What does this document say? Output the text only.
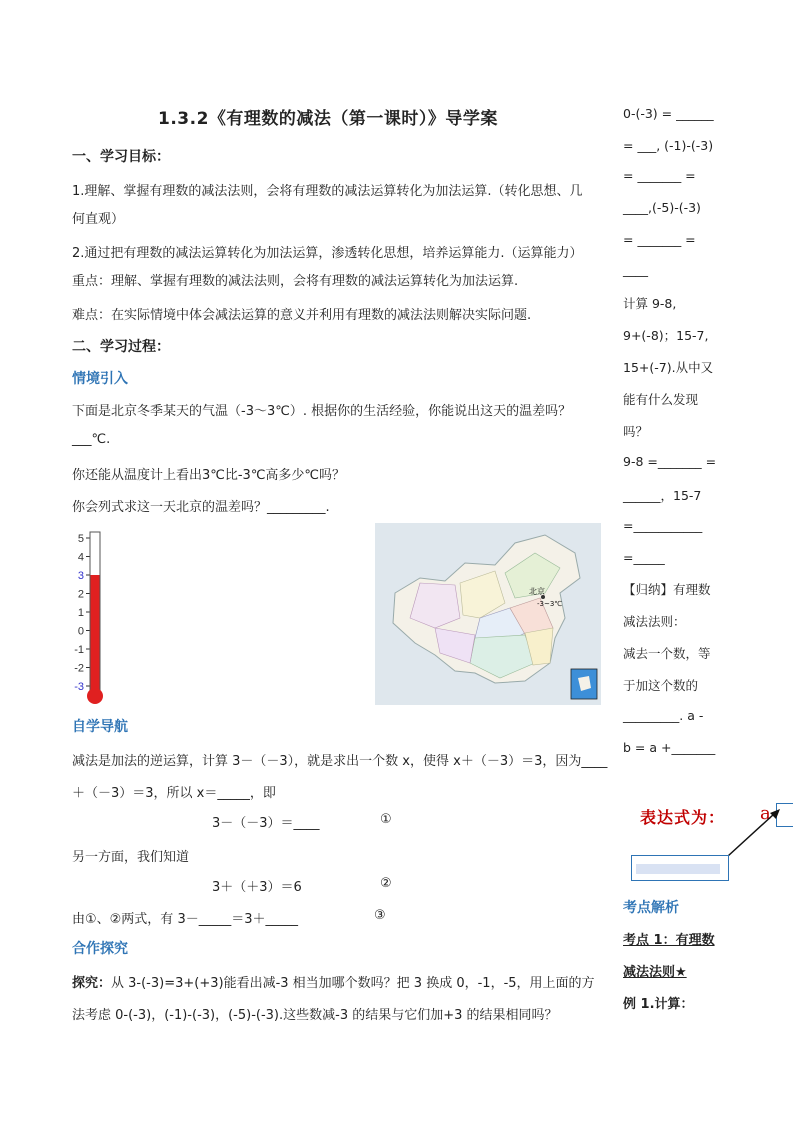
1.3.2《有理数的减法（第一课时）》导学案
一、学习目标：
1.理解、掌握有理数的减法法则，会将有理数的减法运算转化为加法运算.（转化思想、几
何直观）
2.通过把有理数的减法运算转化为加法运算，渗透转化思想，培养运算能力.（运算能力）
重点：理解、掌握有理数的减法法则，会将有理数的减法运算转化为加法运算.
难点：在实际情境中体会减法运算的意义并利用有理数的减法法则解决实际问题.
二、学习过程：
情境引入
下面是北京冬季某天的气温（-3～3℃）. 根据你的生活经验，你能说出这天的温差吗？
___℃.
你还能从温度计上看出3℃比-3℃高多少℃吗？
你会列式求这一天北京的温差吗？_________.
5
4
3
2
1
0
-1
-2
-3
北京
-3~3℃
自学导航
减法是加法的逆运算，计算 3－（－3），就是求出一个数 x，使得 x＋（－3）＝3，因为____
＋（－3）＝3，所以 x＝_____，即
3－（－3）＝____	①
另一方面，我们知道
3＋（＋3）＝6	②
由①、②两式，有 3－_____＝3＋_____	③
合作探究
探究：从 3-(-3)=3+(+3)能看出减-3 相当加哪个数吗？把 3 换成 0，-1，-5，用上面的方
法考虑 0-(-3)，(-1)-(-3)，(-5)-(-3).这些数减-3 的结果与它们加+3 的结果相同吗？
0-(-3) = ______
= ___, (-1)-(-3)
= _______ =
____,(-5)-(-3)
= _______ =
____
计算 9-8,
9+(-8)；15-7,
15+(-7).从中又
能有什么发现
吗？
9-8 =_______ =
______，15-7
=___________
=_____
【归纳】有理数
减法法则：
减去一个数，等
于加这个数的
_________. a -
b = a +_______
表达式为： a
考点解析
考点 1：有理数
减法法则★
例 1.计算：
